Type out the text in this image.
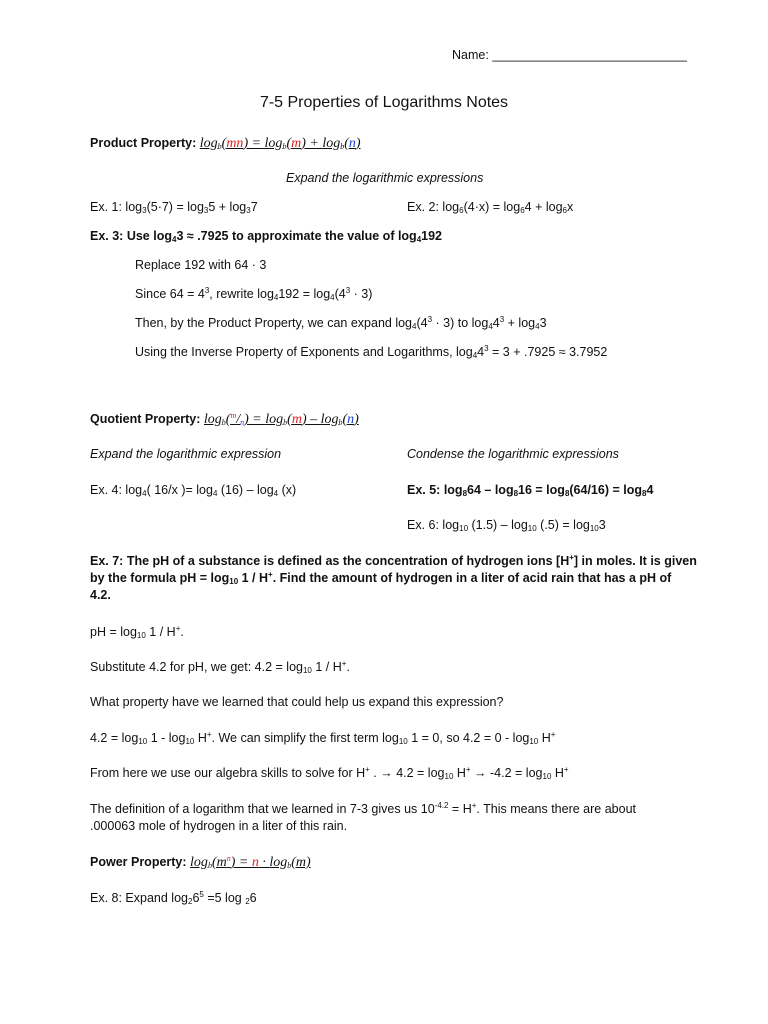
Name: ____________________________
7-5 Properties of Logarithms Notes
Product Property: $\log_b(mn) = \log_b(m) + \log_b(n)$
Expand the logarithmic expressions
Ex. 1: $\log_3(5\cdot 7) = \log_35 + \log_37$	Ex. 2: $\log_6(4\cdot x) = \log_64 + \log_6x$
Ex. 3: Use $\log_43 \approx .7925$ to approximate the value of $\log_4192$
Replace 192 with 64 · 3
Since $64 = 4^3$, rewrite $\log_4192 = \log_4(4^3 \cdot 3)$
Then, by the Product Property, we can expand $\log_4(4^3 \cdot 3)$ to $\log_44^3 + \log_43$
Using the Inverse Property of Exponents and Logarithms, $\log_44^3 = 3 + .7925 \approx 3.7952$
Quotient Property: $\log_b(^m/_n) = \log_b(m) - \log_b(n)$
Expand the logarithmic expression	Condense the logarithmic expressions
Ex. 4: $\log_4$( 16/x )= $\log_4 (16) - \log_4 (x)$	Ex. 5: $\log_864 - \log_816 = \log_8(64/16) = \log_84$
Ex. 6: $\log_{10} (1.5) - \log_{10} (.5) = \log_{10}3$
Ex. 7: The pH of a substance is defined as the concentration of hydrogen ions [H+] in moles. It is given
by the formula pH = $\log_{10} 1 / H^+$. Find the amount of hydrogen in a liter of acid rain that has a pH of
4.2.
pH = $\log_{10} 1 / H^+$.
Substitute 4.2 for pH, we get: $4.2 = \log_{10} 1 / H^+$.
What property have we learned that could help us expand this expression?
$4.2 = \log_{10} 1 - \log_{10} H^+$. We can simplify the first term $\log_{10} 1 = 0$, so $4.2 = 0 - \log_{10} H^+$
From here we use our algebra skills to solve for H+ . → $4.2 = \log_{10} H^+ \to -4.2 = \log_{10} H^+$
The definition of a logarithm that we learned in 7-3 gives us $10^{-4.2} = H^+$. This means there are about
.000063 mole of hydrogen in a liter of this rain.
Power Property: $\log_b(m^n) = n \cdot \log_b(m)$
Ex. 8: Expand $\log_26^5 =5$ log $_2$6
